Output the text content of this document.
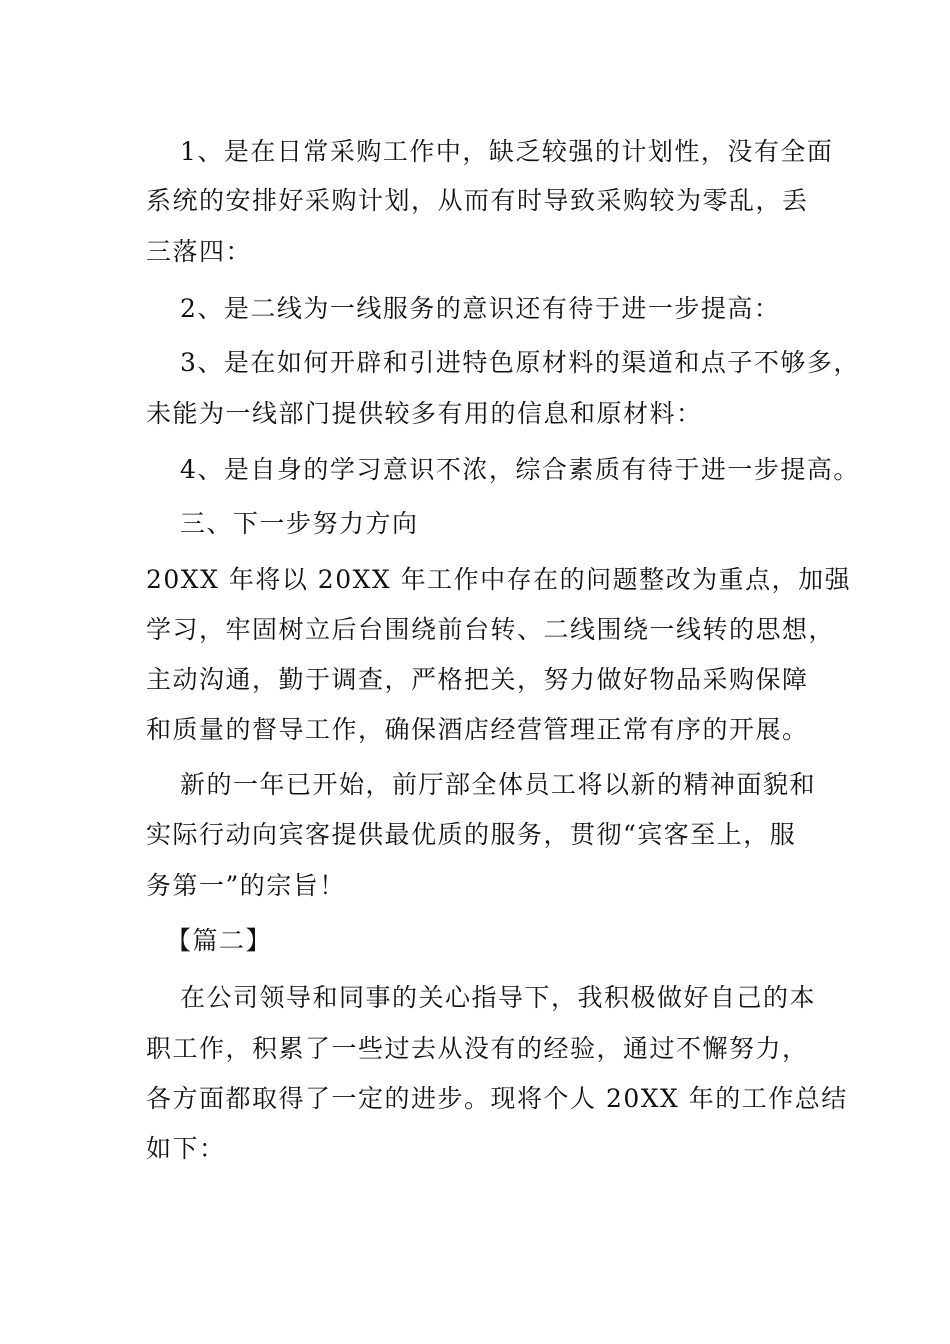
1、是在日常采购工作中，缺乏较强的计划性，没有全面
系统的安排好采购计划，从而有时导致采购较为零乱，丢
三落四：
2、是二线为一线服务的意识还有待于进一步提高：
3、是在如何开辟和引进特色原材料的渠道和点子不够多，
未能为一线部门提供较多有用的信息和原材料：
4、是自身的学习意识不浓，综合素质有待于进一步提高。
三、下一步努力方向
20XX 年将以 20XX 年工作中存在的问题整改为重点，加强
学习，牢固树立后台围绕前台转、二线围绕一线转的思想，
主动沟通，勤于调查，严格把关，努力做好物品采购保障
和质量的督导工作，确保酒店经营管理正常有序的开展。
新的一年已开始，前厅部全体员工将以新的精神面貌和
实际行动向宾客提供最优质的服务，贯彻“宾客至上，服
务第一”的宗旨！
【篇二】
在公司领导和同事的关心指导下，我积极做好自己的本
职工作，积累了一些过去从没有的经验，通过不懈努力，
各方面都取得了一定的进步。现将个人 20XX 年的工作总结
如下：
